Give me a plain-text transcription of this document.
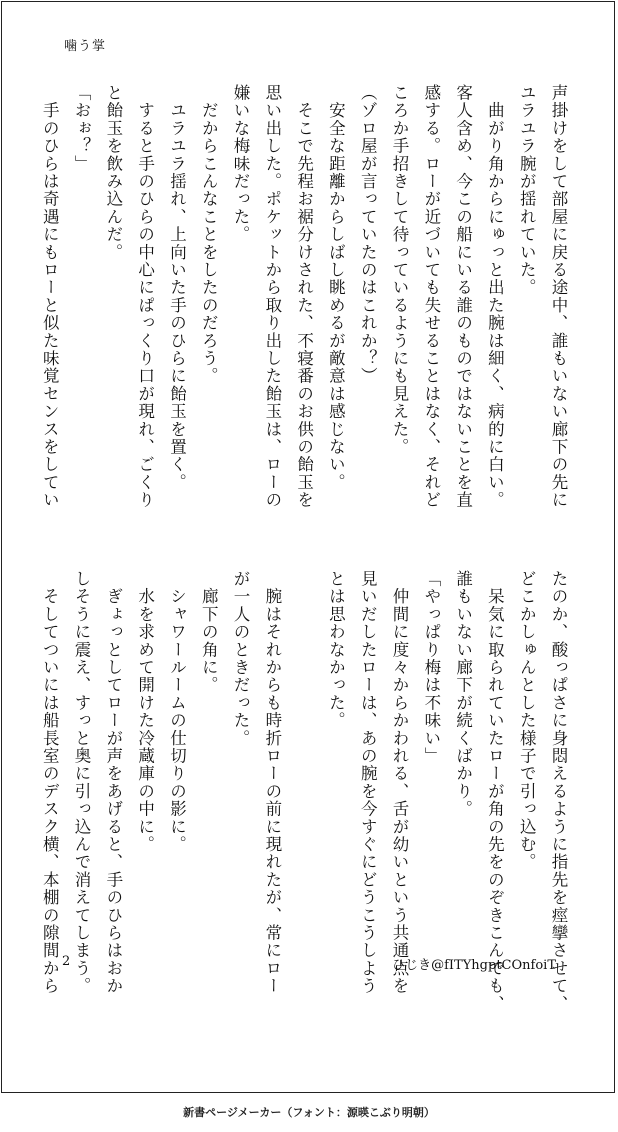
噛う掌
声掛けをして部屋に戻る途中、誰もいない廊下の先に
ユラユラ腕が揺れていた。
　曲がり角からにゅっと出た腕は細く、病的に白い。
客人含め、今この船にいる誰のものではないことを直
感する。ローが近づいても失せることはなく、それど
ころか手招きして待っているようにも見えた。
（ゾロ屋が言っていたのはこれか？）
　安全な距離からしばし眺めるが敵意は感じない。
　そこで先程お裾分けされた、不寝番のお供の飴玉を
思い出した。ポケットから取り出した飴玉は、ローの
嫌いな梅味だった。
　だからこんなことをしたのだろう。
　ユラユラ揺れ、上向いた手のひらに飴玉を置く。
　すると手のひらの中心にぱっくり口が現れ、ごくり
と飴玉を飲み込んだ。
「おぉ？」
　手のひらは奇遇にもローと似た味覚センスをしてい
たのか、酸っぱさに身悶えるように指先を痙攣させて、
どこかしゅんとした様子で引っ込む。
　呆気に取られていたローが角の先をのぞきこんでも、
誰もいない廊下が続くばかり。
「やっぱり梅は不味い」
　仲間に度々からかわれる、舌が幼いという共通点を
見いだしたローは、あの腕を今すぐにどうこうしよう
とは思わなかった。

　腕はそれからも時折ローの前に現れたが、常にロー
が一人のときだった。
　廊下の角に。
　シャワールームの仕切りの影に。
　水を求めて開けた冷蔵庫の中に。
　ぎょっとしてローが声をあげると、手のひらはおか
しそうに震え、すっと奥に引っ込んで消えてしまう。
　そしてついには船長室のデスク横、本棚の隙間から 2	ひじき@fITYhgptCOnfoiT
新書ページメーカー（フォント：源暎こぶり明朝）
